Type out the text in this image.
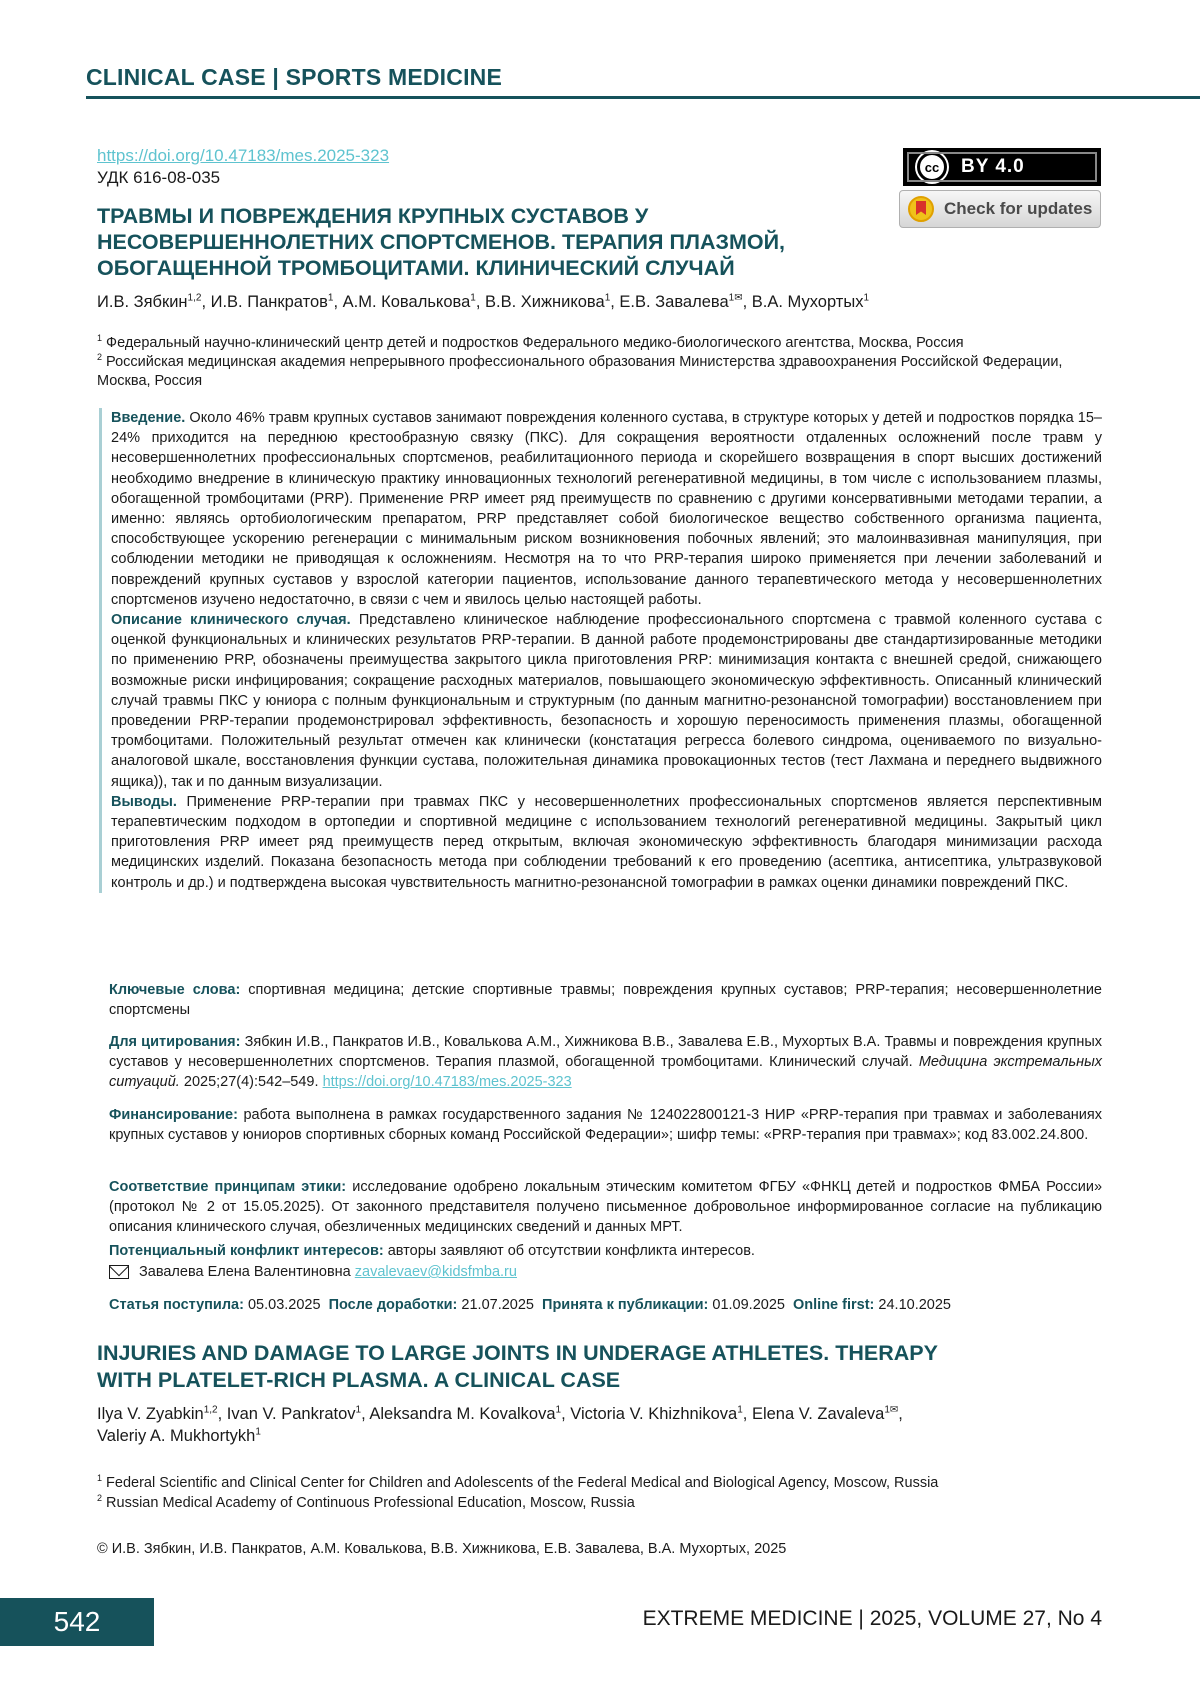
CLINICAL CASE | SPORTS MEDICINE
https://doi.org/10.47183/mes.2025-323
УДК 616-08-035
cc	BY 4.0
Check for updates
ТРАВМЫ И ПОВРЕЖДЕНИЯ КРУПНЫХ СУСТАВОВ У НЕСОВЕРШЕННОЛЕТНИХ СПОРТСМЕНОВ. ТЕРАПИЯ ПЛАЗМОЙ, ОБОГАЩЕННОЙ ТРОМБОЦИТАМИ. КЛИНИЧЕСКИЙ СЛУЧАЙ
И.В. Зябкин$^{1,2}$, И.В. Панкратов$^1$, А.М. Ковалькова$^1$, В.В. Хижникова$^1$, Е.В. Завалева$^{1✉}$, В.А. Мухортых$^1$
$^1$ Федеральный научно-клинический центр детей и подростков Федерального медико-биологического агентства, Москва, Россия
$^2$ Российская медицинская академия непрерывного профессионального образования Министерства здравоохранения Российской Федерации, Москва, Россия

Введение. Около 46% травм крупных суставов занимают повреждения коленного сустава, в структуре которых у детей и подростков порядка 15–24% приходится на переднюю крестообразную связку (ПКС). Для сокращения вероятности отдаленных осложнений после травм у несовершеннолетних профессиональных спортсменов, реабилитационного периода и скорейшего возвращения в спорт высших достижений необходимо внедрение в клиническую практику инновационных технологий регенеративной медицины, в том числе с использованием плазмы, обогащенной тромбоцитами (PRP). Применение PRP имеет ряд преимуществ по сравнению с другими консервативными методами терапии, а именно: являясь ортобиологическим препаратом, PRP представляет собой биологическое вещество собственного организма пациента, способствующее ускорению регенерации с минимальным риском возникновения побочных явлений; это малоинвазивная манипуляция, при соблюдении методики не приводящая к осложнениям. Несмотря на то что PRP-терапия широко применяется при лечении заболеваний и повреждений крупных суставов у взрослой категории пациентов, использование данного терапевтического метода у несовершеннолетних спортсменов изучено недостаточно, в связи с чем и явилось целью настоящей работы.

Описание клинического случая. Представлено клиническое наблюдение профессионального спортсмена с травмой коленного сустава с оценкой функциональных и клинических результатов PRP-терапии. В данной работе продемонстрированы две стандартизированные методики по применению PRP, обозначены преимущества закрытого цикла приготовления PRP: минимизация контакта с внешней средой, снижающего возможные риски инфицирования; сокращение расходных материалов, повышающего экономическую эффективность. Описанный клинический случай травмы ПКС у юниора с полным функциональным и структурным (по данным магнитно-резонансной томографии) восстановлением при проведении PRP-терапии продемонстрировал эффективность, безопасность и хорошую переносимость применения плазмы, обогащенной тромбоцитами. Положительный результат отмечен как клинически (констатация регресса болевого синдрома, оцениваемого по визуально-аналоговой шкале, восстановления функции сустава, положительная динамика провокационных тестов (тест Лахмана и переднего выдвижного ящика)), так и по данным визуализации.

Выводы. Применение PRP-терапии при травмах ПКС у несовершеннолетних профессиональных спортсменов является перспективным терапевтическим подходом в ортопедии и спортивной медицине с использованием технологий регенеративной медицины. Закрытый цикл приготовления PRP имеет ряд преимуществ перед открытым, включая экономическую эффективность благодаря минимизации расхода медицинских изделий. Показана безопасность метода при соблюдении требований к его проведению (асептика, антисептика, ультразвуковой контроль и др.) и подтверждена высокая чувствительность магнитно-резонансной томографии в рамках оценки динамики повреждений ПКС.

Ключевые слова: спортивная медицина; детские спортивные травмы; повреждения крупных суставов; PRP-терапия; несовершеннолетние спортсмены
Для цитирования: Зябкин И.В., Панкратов И.В., Ковалькова А.М., Хижникова В.В., Завалева Е.В., Мухортых В.А. Травмы и повреждения крупных суставов у несовершеннолетних спортсменов. Терапия плазмой, обогащенной тромбоцитами. Клинический случай. Медицина экстремальных ситуаций. 2025;27(4):542–549. https://doi.org/10.47183/mes.2025-323
Финансирование: работа выполнена в рамках государственного задания № 124022800121-3 НИР «PRP-терапия при травмах и заболеваниях крупных суставов у юниоров спортивных сборных команд Российской Федерации»; шифр темы: «PRP-терапия при травмах»; код 83.002.24.800.
Соответствие принципам этики: исследование одобрено локальным этическим комитетом ФГБУ «ФНКЦ детей и подростков ФМБА России» (протокол № 2 от 15.05.2025). От законного представителя получено письменное добровольное информированное согласие на публикацию описания клинического случая, обезличенных медицинских сведений и данных МРТ.
Потенциальный конфликт интересов: авторы заявляют об отсутствии конфликта интересов.
Завалева Елена Валентиновна zavalevaev@kidsfmba.ru
Статья поступила: 05.03.2025 После доработки: 21.07.2025 Принята к публикации: 01.09.2025 Online first: 24.10.2025
INJURIES AND DAMAGE TO LARGE JOINTS IN UNDERAGE ATHLETES. THERAPY WITH PLATELET-RICH PLASMA. A CLINICAL CASE
Ilya V. Zyabkin$^{1,2}$, Ivan V. Pankratov$^1$, Aleksandra M. Kovalkova$^1$, Victoria V. Khizhnikova$^1$, Elena V. Zavaleva$^{1✉}$,
Valeriy A. Mukhortykh$^1$
$^1$ Federal Scientific and Clinical Center for Children and Adolescents of the Federal Medical and Biological Agency, Moscow, Russia
$^2$ Russian Medical Academy of Continuous Professional Education, Moscow, Russia
© И.В. Зябкин, И.В. Панкратов, А.М. Ковалькова, В.В. Хижникова, Е.В. Завалева, В.А. Мухортых, 2025
542	EXTREME MEDICINE | 2025, VOLUME 27, No 4
